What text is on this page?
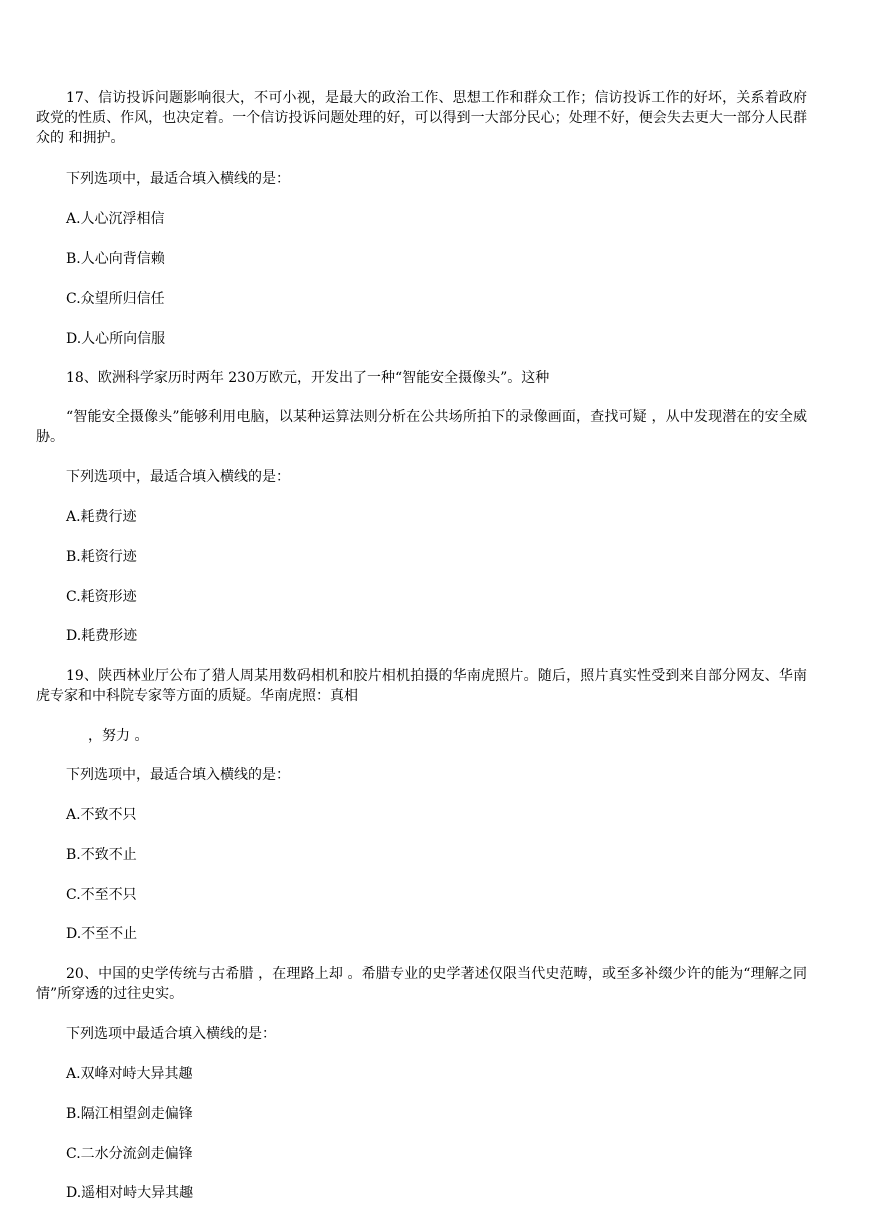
17、信访投诉问题影响很大，不可小视，是最大的政治工作、思想工作和群众工作；信访投诉工作的好坏，关系着政府政党的性质、作风，也决定着。一个信访投诉问题处理的好，可以得到一大部分民心；处理不好，便会失去更大一部分人民群众的 和拥护。
下列选项中，最适合填入横线的是：
A.人心沉浮相信
B.人心向背信赖
C.众望所归信任
D.人心所向信服
18、欧洲科学家历时两年 230万欧元，开发出了一种“智能安全摄像头”。这种
“智能安全摄像头”能够利用电脑，以某种运算法则分析在公共场所拍下的录像画面，查找可疑 ，从中发现潜在的安全威胁。
下列选项中，最适合填入横线的是：
A.耗费行迹
B.耗资行迹
C.耗资形迹
D.耗费形迹
19、陕西林业厅公布了猎人周某用数码相机和胶片相机拍摄的华南虎照片。随后，照片真实性受到来自部分网友、华南虎专家和中科院专家等方面的质疑。华南虎照：真相
，努力 。
下列选项中，最适合填入横线的是：
A.不致不只
B.不致不止
C.不至不只
D.不至不止
20、中国的史学传统与古希腊 ，在理路上却 。希腊专业的史学著述仅限当代史范畴，或至多补缀少许的能为“理解之同情”所穿透的过往史实。
下列选项中最适合填入横线的是：
A.双峰对峙大异其趣
B.隔江相望剑走偏锋
C.二水分流剑走偏锋
D.遥相对峙大异其趣
